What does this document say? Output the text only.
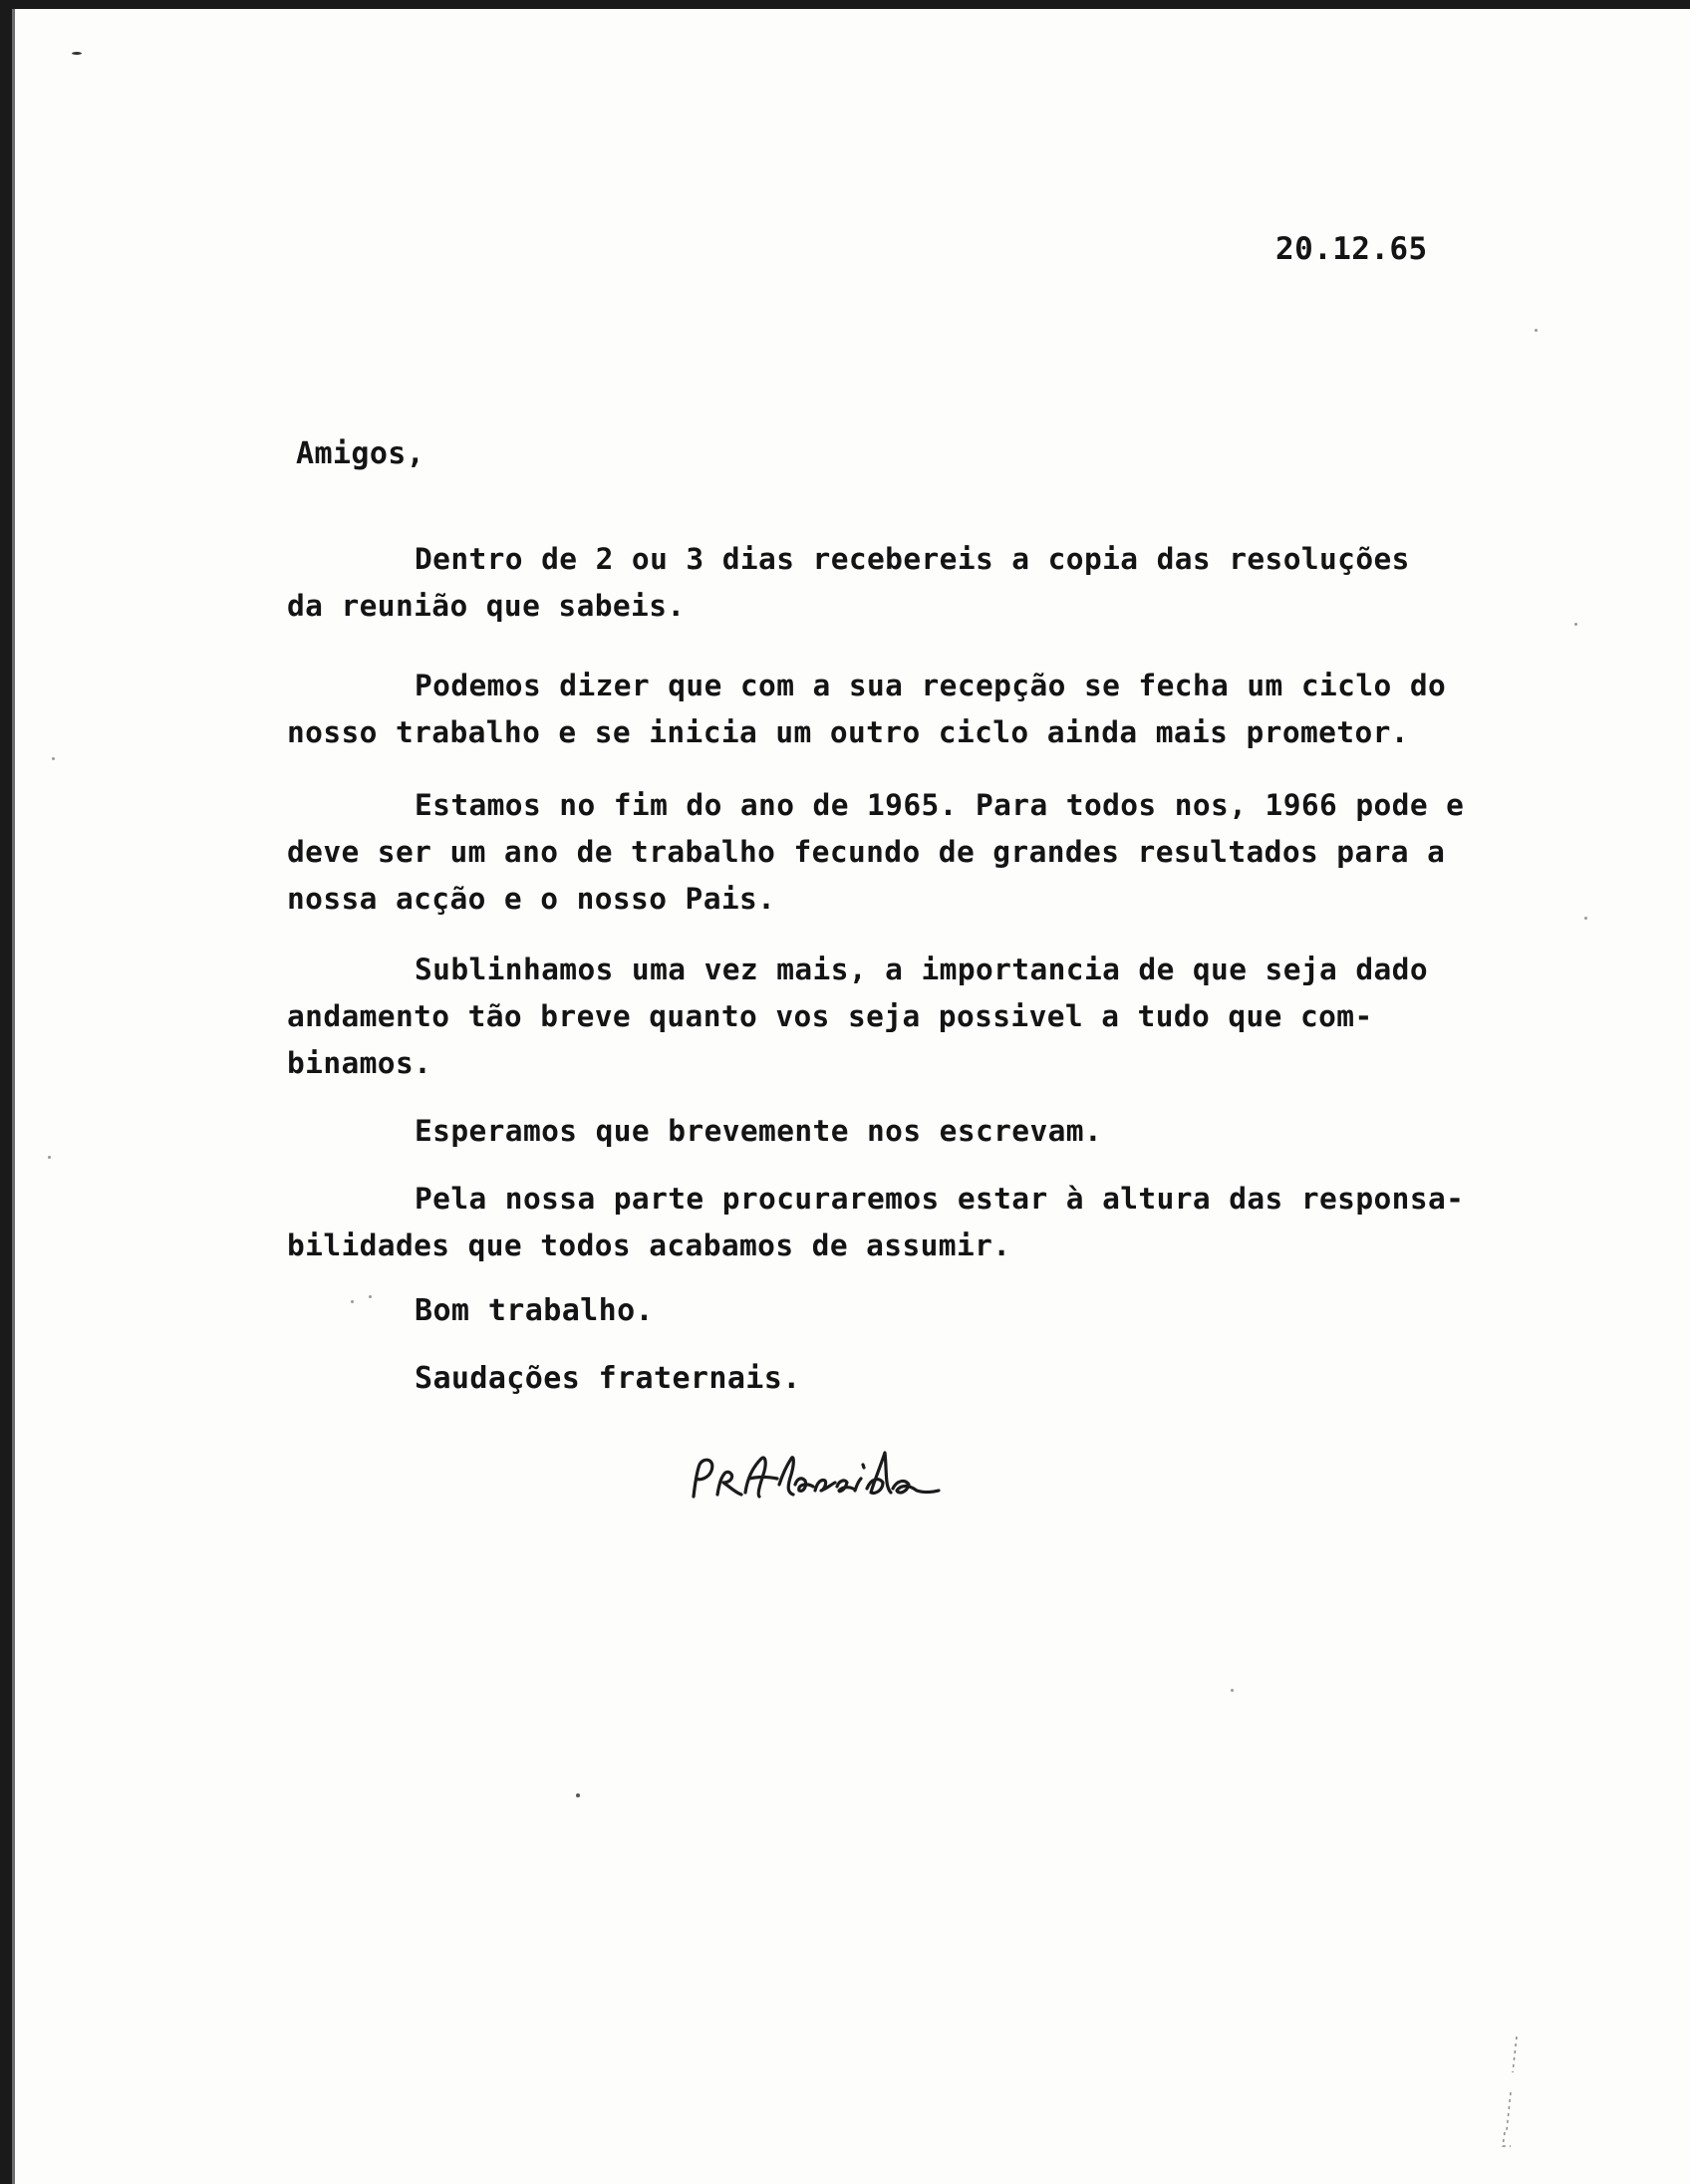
20.12.65
Amigos,
Dentro de 2 ou 3 dias recebereis a copia das resoluções
da reunião que sabeis.
Podemos dizer que com a sua recepção se fecha um ciclo do
nosso trabalho e se inicia um outro ciclo ainda mais prometor.
Estamos no fim do ano de 1965. Para todos nos, 1966 pode e
deve ser um ano de trabalho fecundo de grandes resultados para a
nossa acção e o nosso Pais.
Sublinhamos uma vez mais, a importancia de que seja dado
andamento tão breve quanto vos seja possivel a tudo que com-
binamos.
Esperamos que brevemente nos escrevam.
Pela nossa parte procuraremos estar à altura das responsa-
bilidades que todos acabamos de assumir.
Bom trabalho.
Saudações fraternais.
